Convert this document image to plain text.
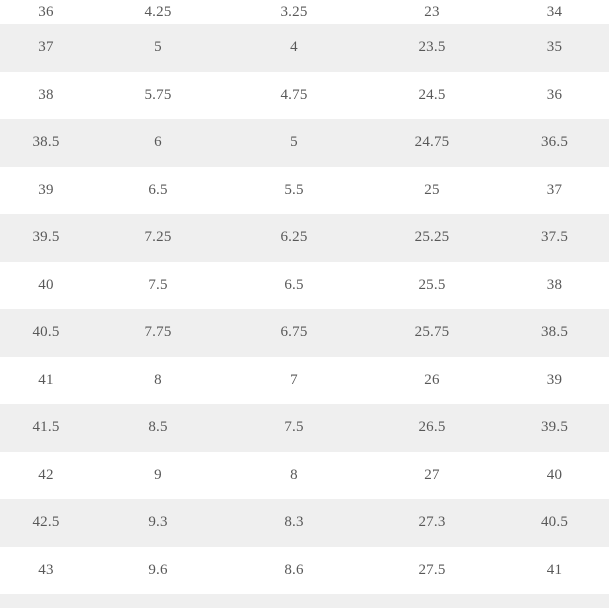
36	4.25	3.25	23	34
37	5	4	23.5	35
38	5.75	4.75	24.5	36
38.5	6	5	24.75	36.5
39	6.5	5.5	25	37
39.5	7.25	6.25	25.25	37.5
40	7.5	6.5	25.5	38
40.5	7.75	6.75	25.75	38.5
41	8	7	26	39
41.5	8.5	7.5	26.5	39.5
42	9	8	27	40
42.5	9.3	8.3	27.3	40.5
43	9.6	8.6	27.5	41
